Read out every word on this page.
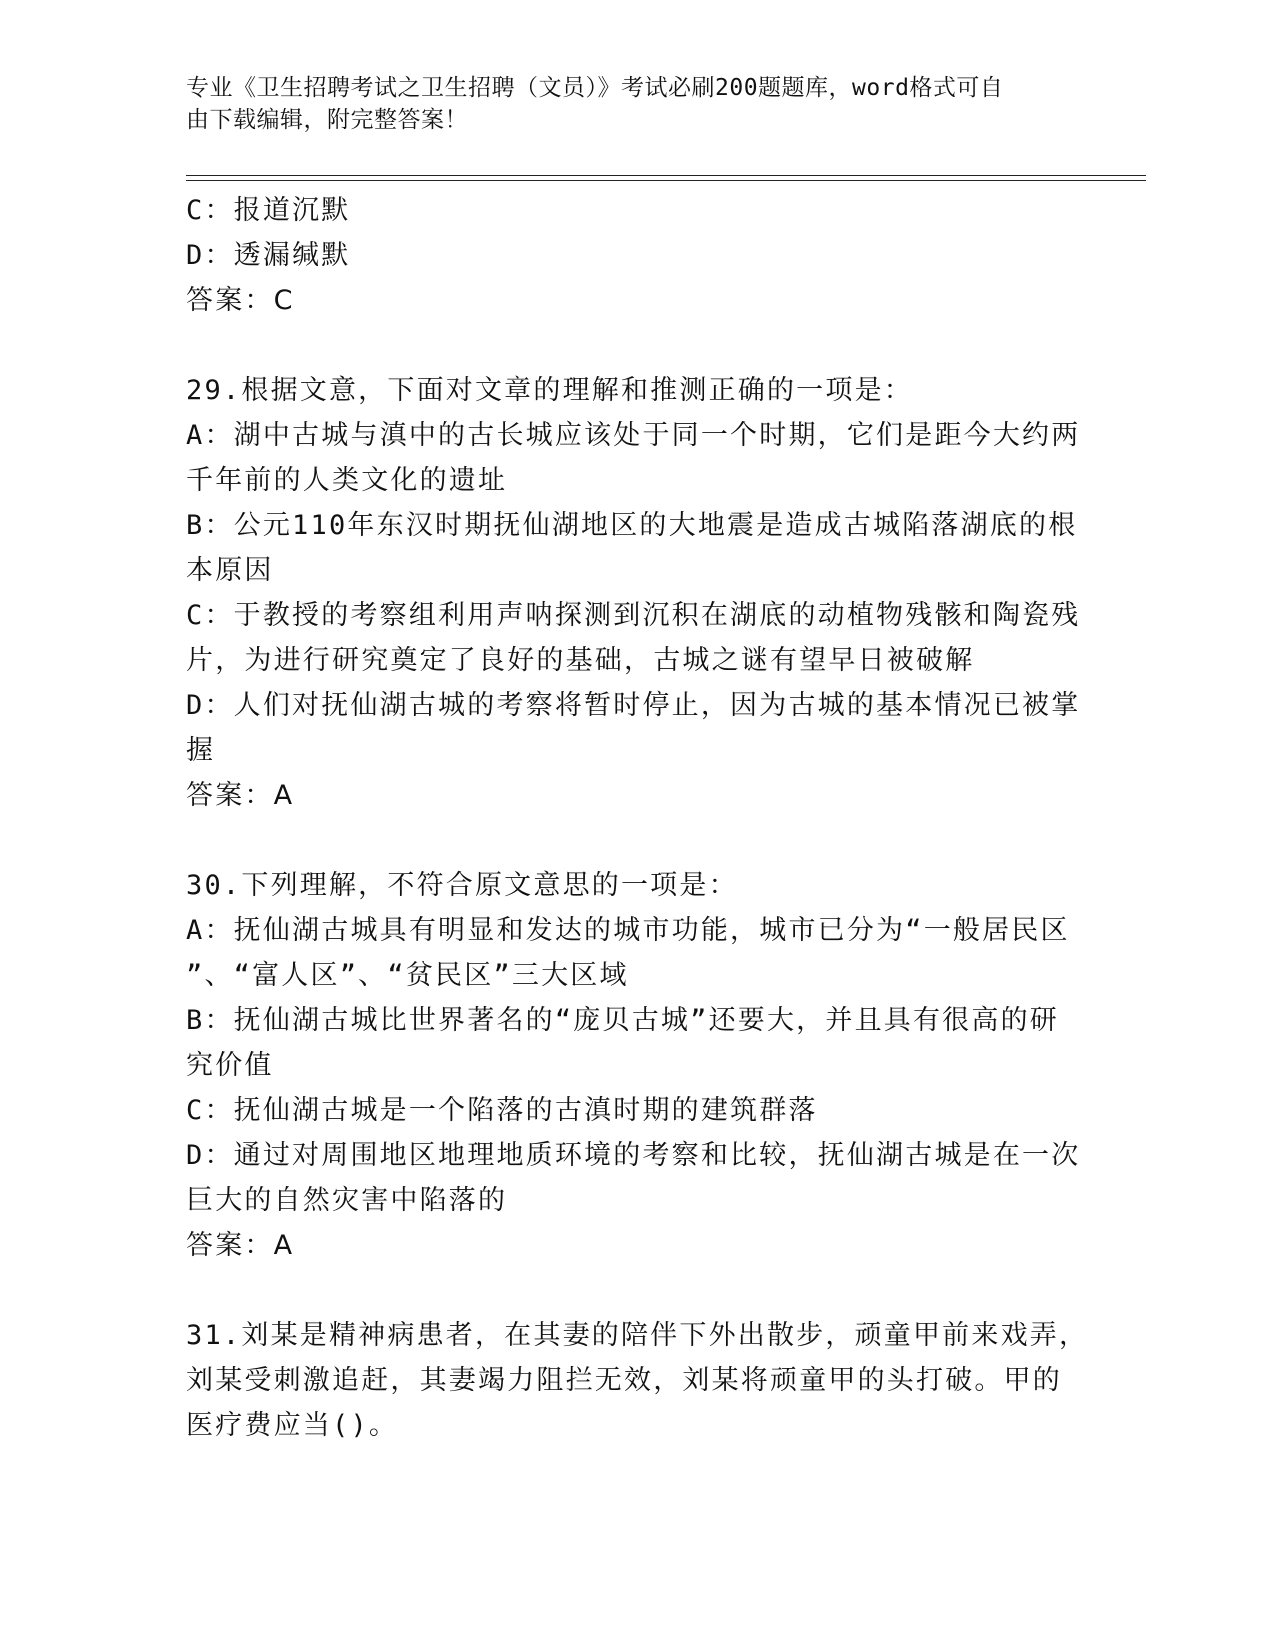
专业《卫生招聘考试之卫生招聘（文员）》考试必刷200题题库，word格式可自
由下载编辑，附完整答案！
C：报道沉默
D：透漏缄默
答案：C
29.根据文意，下面对文章的理解和推测正确的一项是：
A：湖中古城与滇中的古长城应该处于同一个时期，它们是距今大约两
千年前的人类文化的遗址
B：公元110年东汉时期抚仙湖地区的大地震是造成古城陷落湖底的根
本原因
C：于教授的考察组利用声呐探测到沉积在湖底的动植物残骸和陶瓷残
片，为进行研究奠定了良好的基础，古城之谜有望早日被破解
D：人们对抚仙湖古城的考察将暂时停止，因为古城的基本情况已被掌
握
答案：A
30.下列理解，不符合原文意思的一项是：
A：抚仙湖古城具有明显和发达的城市功能，城市已分为“一般居民区
”、“富人区”、“贫民区”三大区域
B：抚仙湖古城比世界著名的“庞贝古城”还要大，并且具有很高的研
究价值
C：抚仙湖古城是一个陷落的古滇时期的建筑群落
D：通过对周围地区地理地质环境的考察和比较，抚仙湖古城是在一次
巨大的自然灾害中陷落的
答案：A
31.刘某是精神病患者，在其妻的陪伴下外出散步，顽童甲前来戏弄，
刘某受刺激追赶，其妻竭力阻拦无效，刘某将顽童甲的头打破。甲的
医疗费应当()。
